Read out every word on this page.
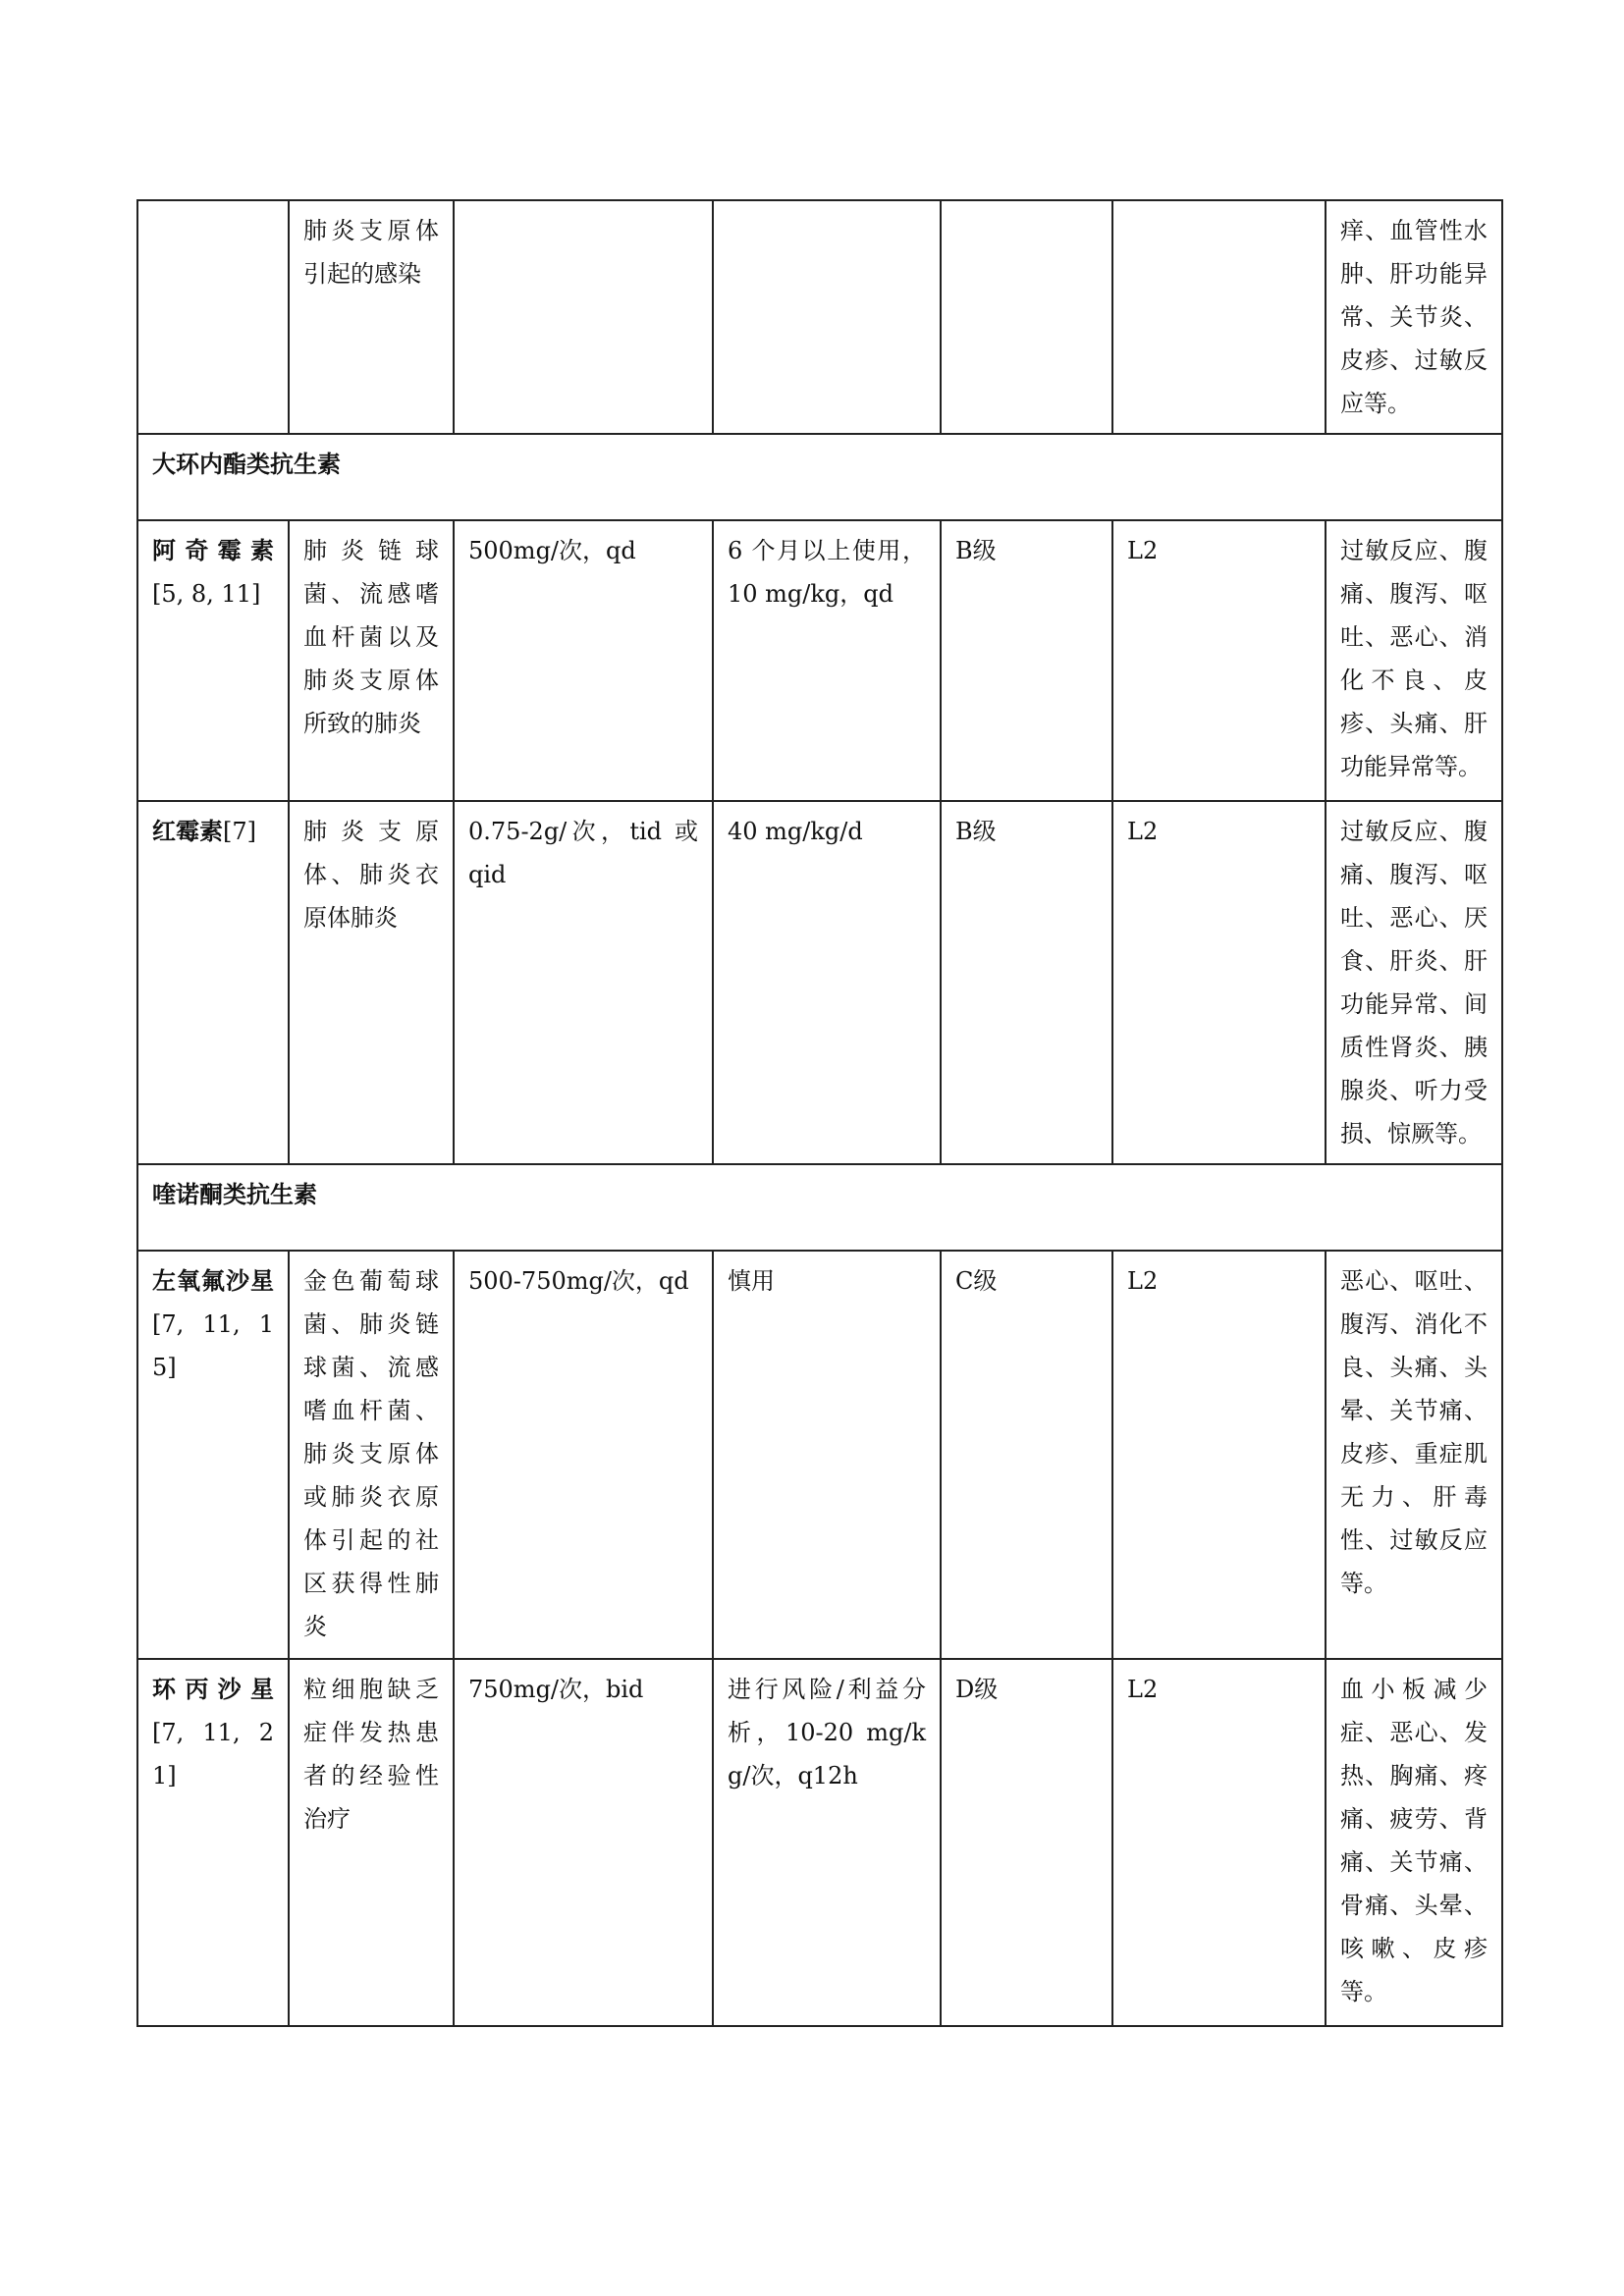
	肺炎支原体引起的感染					痒、血管性水肿、肝功能异常、关节炎、皮疹、过敏反应等。
大环内酯类抗生素						
阿奇霉素[5, 8, 11]	肺炎链球菌、流感嗜血杆菌以及肺炎支原体所致的肺炎	500mg/次，qd	6 个月以上使用，10 mg/kg，qd	B级	L2	过敏反应、腹痛、腹泻、呕吐、恶心、消化不良、皮疹、头痛、肝功能异常等。
红霉素[7]	肺炎支原体、肺炎衣原体肺炎	0.75-2g/次，tid 或 qid	40 mg/kg/d	B级	L2	过敏反应、腹痛、腹泻、呕吐、恶心、厌食、肝炎、肝功能异常、间质性肾炎、胰腺炎、听力受损、惊厥等。
喹诺酮类抗生素						
左氧氟沙星[7, 11, 15]	金色葡萄球菌、肺炎链球菌、流感嗜血杆菌、肺炎支原体或肺炎衣原体引起的社区获得性肺炎	500-750mg/次，qd	慎用	C级	L2	恶心、呕吐、腹泻、消化不良、头痛、头晕、关节痛、皮疹、重症肌无力、肝毒性、过敏反应等。
环丙沙星[7, 11, 21]	粒细胞缺乏症伴发热患者的经验性治疗	750mg/次，bid	进行风险/利益分析，10-20 mg/kg/次，q12h	D级	L2	血小板减少症、恶心、发热、胸痛、疼痛、疲劳、背痛、关节痛、骨痛、头晕、咳嗽、皮疹等。
